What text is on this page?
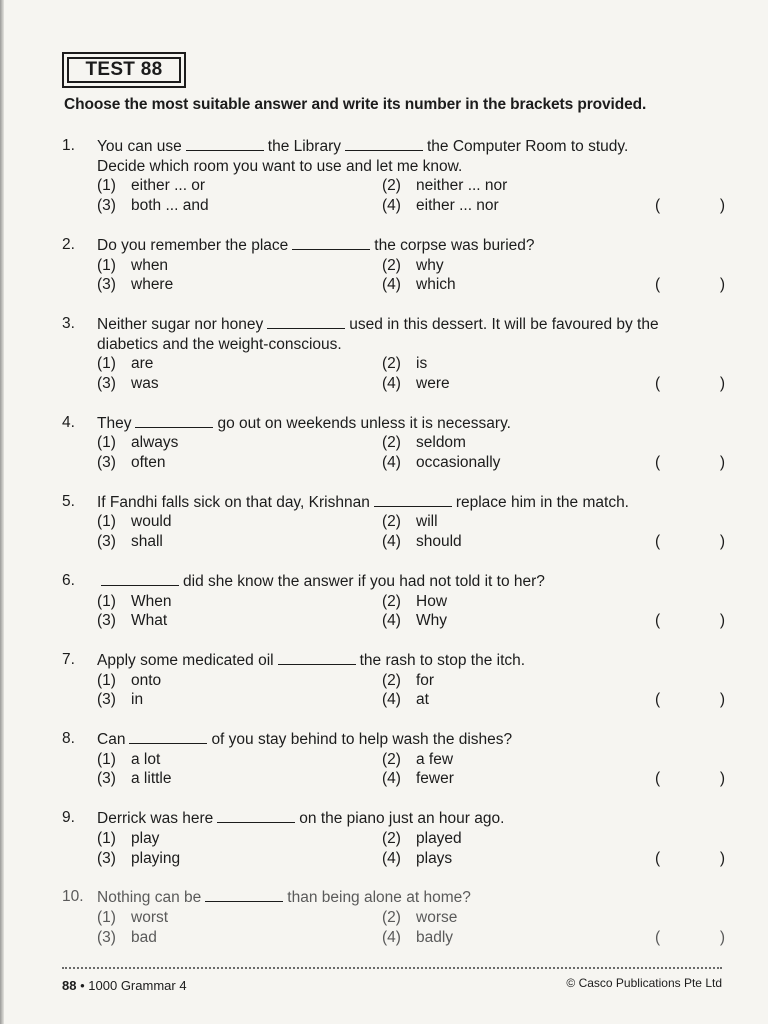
TEST 88
Choose the most suitable answer and write its number in the brackets provided.
1.	You can use	the Library	the Computer Room to study.
Decide which room you want to use and let me know.
(1) either ... or	(2) neither ... nor
(3) both ... and	(4) either ... nor	(	)
2.	Do you remember the place	the corpse was buried?
(1) when	(2) why
(3) where	(4) which	(	)
3.	Neither sugar nor honey	used in this dessert. It will be favoured by the
diabetics and the weight-conscious.
(1) are	(2) is
(3) was	(4) were	(	)
4.	They	go out on weekends unless it is necessary.
(1) always	(2) seldom
(3) often	(4) occasionally	(	)
5.	If Fandhi falls sick on that day, Krishnan	replace him in the match.
(1) would	(2) will
(3) shall	(4) should	(	)
6.	did she know the answer if you had not told it to her?
(1) When	(2) How
(3) What	(4) Why	(	)
7.	Apply some medicated oil	the rash to stop the itch.
(1) onto	(2) for
(3) in	(4) at	(	)
8.	Can	of you stay behind to help wash the dishes?
(1) a lot	(2) a few
(3) a little	(4) fewer	(	)
9.	Derrick was here	on the piano just an hour ago.
(1) play	(2) played
(3) playing	(4) plays	(	)
10. Nothing can be	than being alone at home?
(1) worst	(2) worse
(3) bad	(4) badly	(	)
88 • 1000 Grammar 4	© Casco Publications Pte Ltd
